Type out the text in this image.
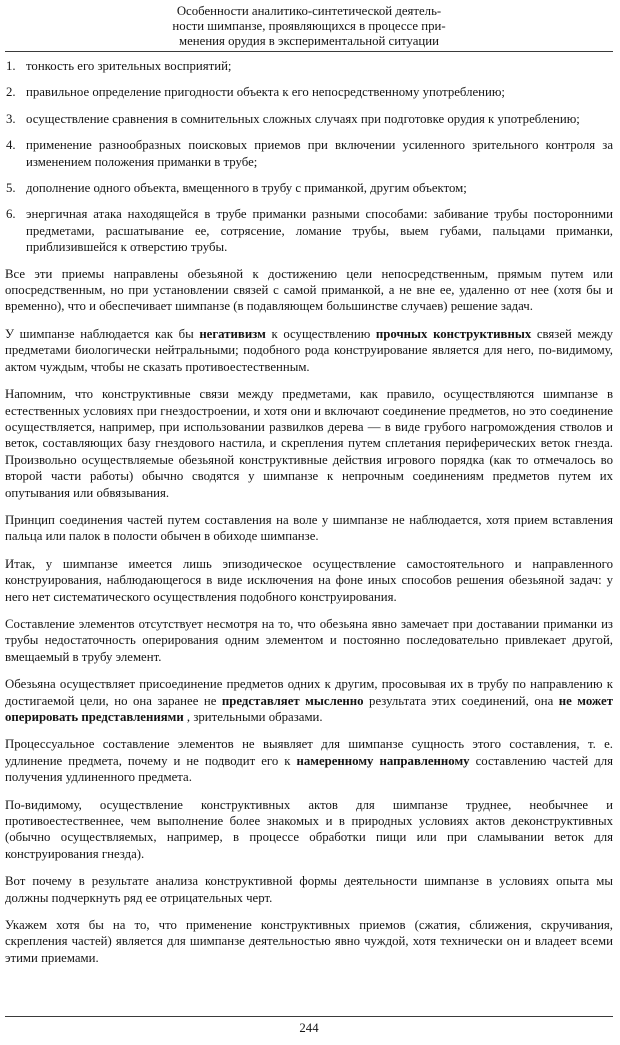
Особенности аналитико-синтетической деятель-
ности шимпанзе, проявляющихся в процессе при-
менения орудия в экспериментальной ситуации
1. тонкость его зрительных восприятий;
2. правильное определение пригодности объекта к его непосредственному употреблению;
3. осуществление сравнения в сомнительных сложных случаях при подготовке орудия к употреблению;
4. применение разнообразных поисковых приемов при включении усиленного зрительного контроля за изменением положения приманки в трубе;
5. дополнение одного объекта, вмещенного в трубу с приманкой, другим объектом;
6. энергичная атака находящейся в трубе приманки разными способами: забивание трубы посторонними предметами, расшатывание ее, сотрясение, ломание трубы, выем губами, пальцами приманки, приблизившейся к отверстию трубы.

Все эти приемы направлены обезьяной к достижению цели непосредственным, прямым путем или опосредственным, но при установлении связей с самой приманкой, а не вне ее, удаленно от нее (хотя бы и временно), что и обеспечивает шимпанзе (в подавляющем большинстве случаев) решение задач.

У шимпанзе наблюдается как бы негативизм к осуществлению прочных конструктивных связей между предметами биологически нейтральными; подобного рода конструирование является для него, по-видимому, актом чуждым, чтобы не сказать противоестественным.

Напомним, что конструктивные связи между предметами, как правило, осуществляются шимпанзе в естественных условиях при гнездостроении, и хотя они и включают соединение предметов, но это соединение осуществляется, например, при использовании развилков дерева — в виде грубого нагромождения стволов и веток, составляющих базу гнездового настила, и скрепления путем сплетания периферических веток гнезда. Произвольно осуществляемые обезьяной конструктивные действия игрового порядка (как то отмечалось во второй части работы) обычно сводятся у шимпанзе к непрочным соединениям предметов путем их опутывания или обвязывания.

Принцип соединения частей путем составления на воле у шимпанзе не наблюдается, хотя прием вставления пальца или палок в полости обычен в обиходе шимпанзе.

Итак, у шимпанзе имеется лишь эпизодическое осуществление самостоятельного и направленного конструирования, наблюдающегося в виде исключения на фоне иных способов решения обезьяной задач: у него нет систематического осуществления подобного конструирования.

Составление элементов отсутствует несмотря на то, что обезьяна явно замечает при доставании приманки из трубы недостаточность оперирования одним элементом и постоянно последовательно привлекает другой, вмещаемый в трубу элемент.

Обезьяна осуществляет присоединение предметов одних к другим, просовывая их в трубу по направлению к достигаемой цели, но она заранее не представляет мысленно результата этих соединений, она не может оперировать представлениями , зрительными образами.

Процессуальное составление элементов не выявляет для шимпанзе сущность этого составления, т. е. удлинение предмета, почему и не подводит его к намеренному направленному составлению частей для получения удлиненного предмета.

По-видимому, осуществление конструктивных актов для шимпанзе труднее, необычнее и противоестественнее, чем выполнение более знакомых и в природных условиях актов деконструктивных (обычно осуществляемых, например, в процессе обработки пищи или при сламывании веток для конструирования гнезда).

Вот почему в результате анализа конструктивной формы деятельности шимпанзе в условиях опыта мы должны подчеркнуть ряд ее отрицательных черт.

Укажем хотя бы на то, что применение конструктивных приемов (сжатия, сближения, скручивания, скрепления частей) является для шимпанзе деятельностью явно чуждой, хотя технически он и владеет всеми этими приемами.

244
